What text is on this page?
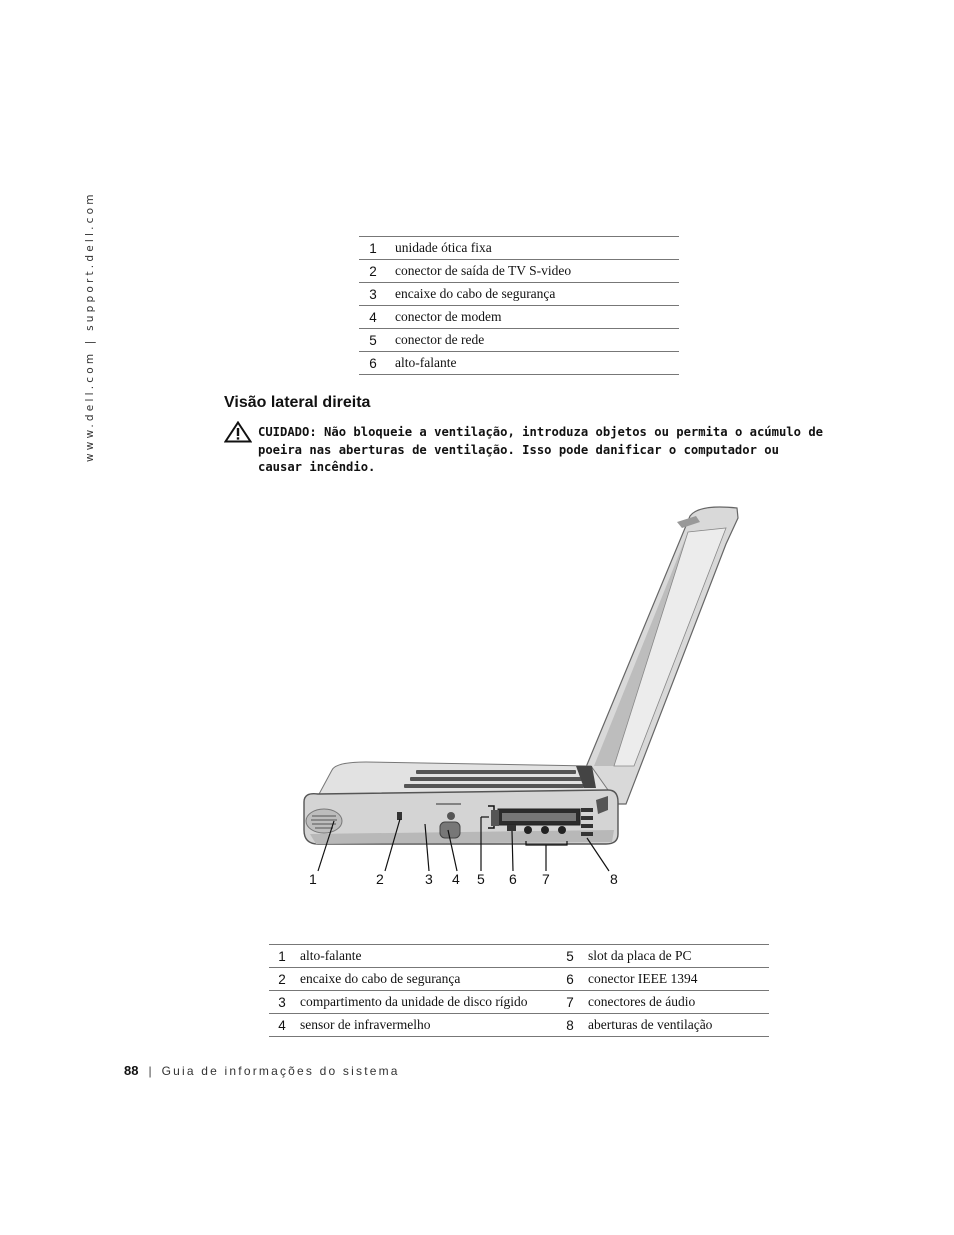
www.dell.com | support.dell.com	1	unidade ótica fixa
2	conector de saída de TV S-video
3	encaixe do cabo de segurança
4	conector de modem
5	conector de rede
6	alto-falante
Visão lateral direita
CUIDADO: Não bloqueie a ventilação, introduza objetos ou permita o acúmulo de poeira nas aberturas de ventilação. Isso pode danificar o computador ou causar incêndio.
1	2	3 4 5 6 7	8
1	alto-falante	5	slot da placa de PC
2	encaixe do cabo de segurança	6	conector IEEE 1394
3	compartimento da unidade de disco rígido	7	conectores de áudio
4	sensor de infravermelho	8	aberturas de ventilação
88 | Guia de informações do sistema
